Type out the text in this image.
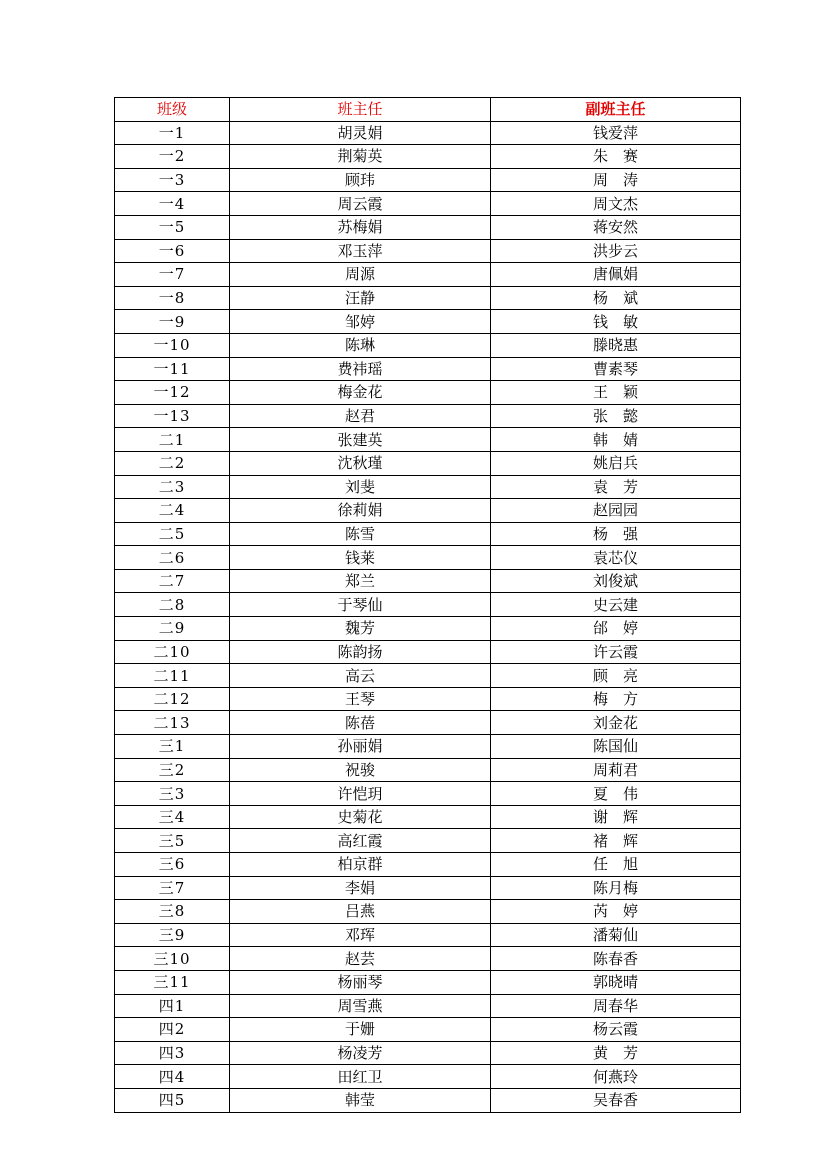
班级	班主任	副班主任
一1	胡灵娟	钱爱萍
一2	荆菊英	朱　赛
一3	顾玮	周　涛
一4	周云霞	周文杰
一5	苏梅娟	蒋安然
一6	邓玉萍	洪步云
一7	周源	唐佩娟
一8	汪静	杨　斌
一9	邹婷	钱　敏
一10	陈琳	滕晓惠
一11	费祎瑶	曹素琴
一12	梅金花	王　颖
一13	赵君	张　懿
二1	张建英	韩　婧
二2	沈秋瑾	姚启兵
二3	刘斐	袁　芳
二4	徐莉娟	赵园园
二5	陈雪	杨　强
二6	钱莱	袁芯仪
二7	郑兰	刘俊斌
二8	于琴仙	史云建
二9	魏芳	邰　婷
二10	陈韵扬	许云霞
二11	高云	顾　亮
二12	王琴	梅　方
二13	陈蓓	刘金花
三1	孙丽娟	陈国仙
三2	祝骏	周莉君
三3	许恺玥	夏　伟
三4	史菊花	谢　辉
三5	高红霞	褚　辉
三6	柏京群	任　旭
三7	李娟	陈月梅
三8	吕燕	芮　婷
三9	邓珲	潘菊仙
三10	赵芸	陈春香
三11	杨丽琴	郭晓晴
四1	周雪燕	周春华
四2	于姗	杨云霞
四3	杨凌芳	黄　芳
四4	田红卫	何燕玲
四5	韩莹	吴春香
